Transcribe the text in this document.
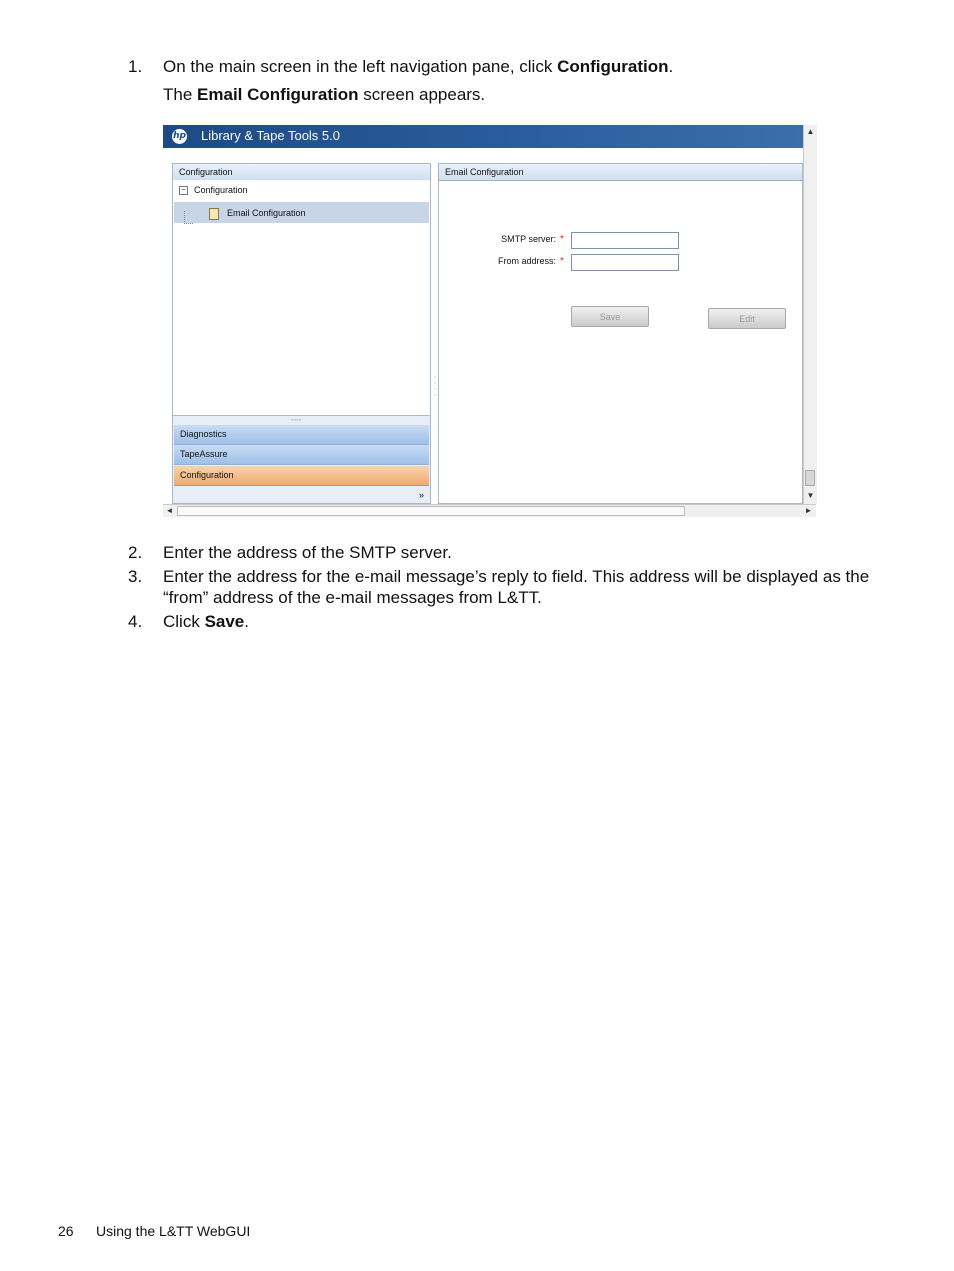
1. On the main screen in the left navigation pane, click Configuration.
The Email Configuration screen appears.
hp Library & Tape Tools 5.0
Configuration
− Configuration
Email Configuration
◦◦◦◦
Diagnostics
TapeAssure
Configuration
»
◦
◦
◦
◦
Email Configuration
SMTP server: *
From address: *
Save	Edit
▲
▼
◄	►
2. Enter the address of the SMTP server.
3. Enter the address for the e-mail message’s reply to field. This address will be displayed as the
“from” address of the e-mail messages from L&TT.
4. Click Save.
26 Using the L&TT WebGUI
